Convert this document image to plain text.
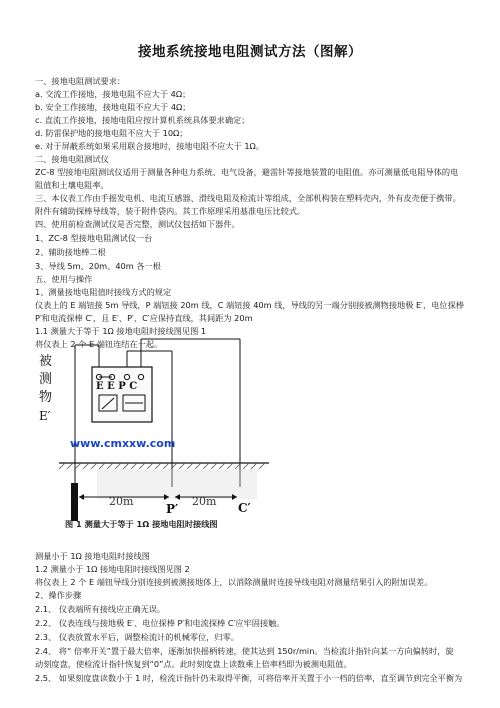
接地系统接地电阻测试方法（图解）
一、接地电阻测试要求：
a. 交流工作接地，接地电阻不应大于 4Ω；
b. 安全工作接地，接地电阻不应大于 4Ω；
c. 直流工作接地，接地电阻应按计算机系统具体要求确定；
d. 防雷保护地的接地电阻不应大于 10Ω；
e. 对于屏蔽系统如果采用联合接地时，接地电阻不应大于 1Ω。
二、接地电阻测试仪
ZC-8 型接地电阻测试仪适用于测量各种电力系统、电气设备，避雷针等接地装置的电阻值。亦可测量低电阻导体的电
阻值和土壤电阻率。
三、本仪表工作由手摇发电机、电流互感器、滑线电阻及检流计等组成，全部机构装在塑料壳内，外有皮壳便于携带。
附件有辅助探棒导线等，装于附件袋内。其工作原理采用基准电压比较式。
四、使用前检查测试仪是否完整，测试仪包括如下器件。
1、ZC-8 型接地电阻测试仪一台
2、辅助接地棒二根
3、导线 5m、20m、40m 各一根
五、使用与操作
1、测量接地电阻值时接线方式的规定
仪表上的 E 端钮接 5m 导线，P 端钮接 20m 线，C 端钮接 40m 线，导线的另一端分别接被测物接地极 E′，电位探棒
P′和电流探棒 C′，且 E′、P′、C′应保持直线，其间距为 20m
1.1 测量大于等于 1Ω 接地电阻时接线图见图 1
将仪表上 2 个 E 端钮连结在一起。
被
测
物
E′
E E P C
www.cmxxw.com
20m	20m
P′	C′
图 1 测量大于等于 1Ω 接地电阻时接线图
测量小于 1Ω 接地电阻时接线图
1.2 测量小于 1Ω 接地电阻时接线图见图 2
将仪表上 2 个 E 端钮导线分别连接到被测接地体上，以消除测量时连接导线电阻对测量结果引入的附加误差。
2、操作步骤
2.1、 仪表端所有接线应正确无误。
2.2、 仪表连线与接地极 E′、电位探棒 P′和电流探棒 C′应牢固接触。
2.3、 仪表放置水平后，调整检流计的机械零位，归零。
2.4、 将“ 倍率开关”置于最大倍率，逐渐加快摇柄转速，使其达到 150r/min。当检流计指针向某一方向偏转时，旋
动刻度盘，使检流计指针恢复到“0”点。此时刻度盘上读数乘上倍率档即为被测电阻值。
2.5、 如果刻度盘读数小于 1 时，检流计指针仍未取得平衡，可将倍率开关置于小一档的倍率，直至调节到完全平衡为
